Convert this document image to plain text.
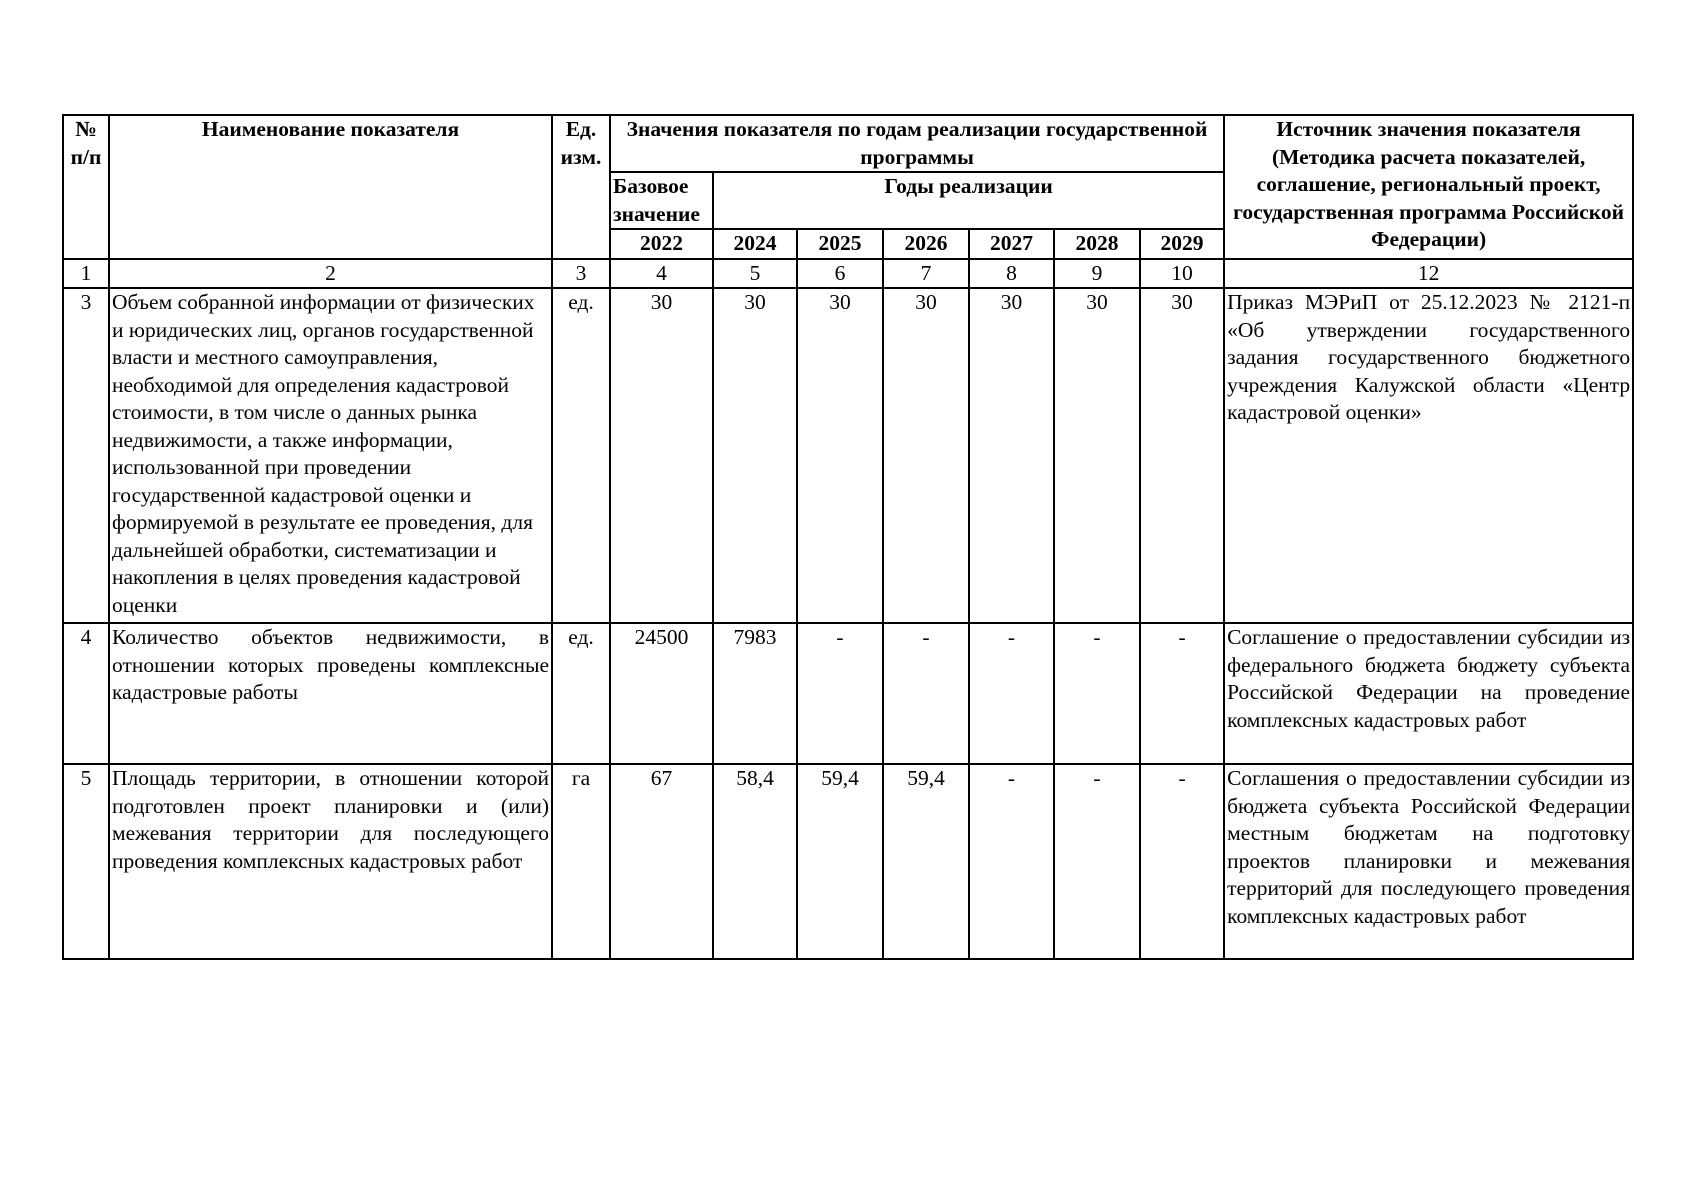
№ п/п	Наименование показателя	Ед. изм.	Значения показателя по годам реализации государственной программы							Источник значения показателя (Методика расчета показателей, соглашение, региональный проект, государственная программа Российской Федерации)
			Базовое значение	Годы реализации						
			2022	2024	2025	2026	2027	2028	2029	
1	2	3	4	5	6	7	8	9	10	12
3	Объем собранной информации от физических и юридических лиц, органов государственной власти и местного самоуправления, необходимой для определения кадастровой стоимости, в том числе о данных рынка недвижимости, а также информации, использованной при проведении государственной кадастровой оценки и формируемой в результате ее проведения, для дальнейшей обработки, систематизации и накопления в целях проведения кадастровой оценки	ед.	30	30	30	30	30	30	30	Приказ МЭРиП от 25.12.2023 № 2121-п «Об утверждении государственного задания государственного бюджетного учреждения Калужской области «Центр кадастровой оценки»
4	Количество объектов недвижимости, в отношении которых проведены комплексные кадастровые работы	ед.	24500	7983	-	-	-	-	-	Соглашение о предоставлении субсидии из федерального бюджета бюджету субъекта Российской Федерации на проведение комплексных кадастровых работ
5	Площадь территории, в отношении которой подготовлен проект планировки и (или) межевания территории для последующего проведения комплексных кадастровых работ	га	67	58,4	59,4	59,4	-	-	-	Соглашения о предоставлении субсидии из бюджета субъекта Российской Федерации местным бюджетам на подготовку проектов планировки и межевания территорий для последующего проведения комплексных кадастровых работ
